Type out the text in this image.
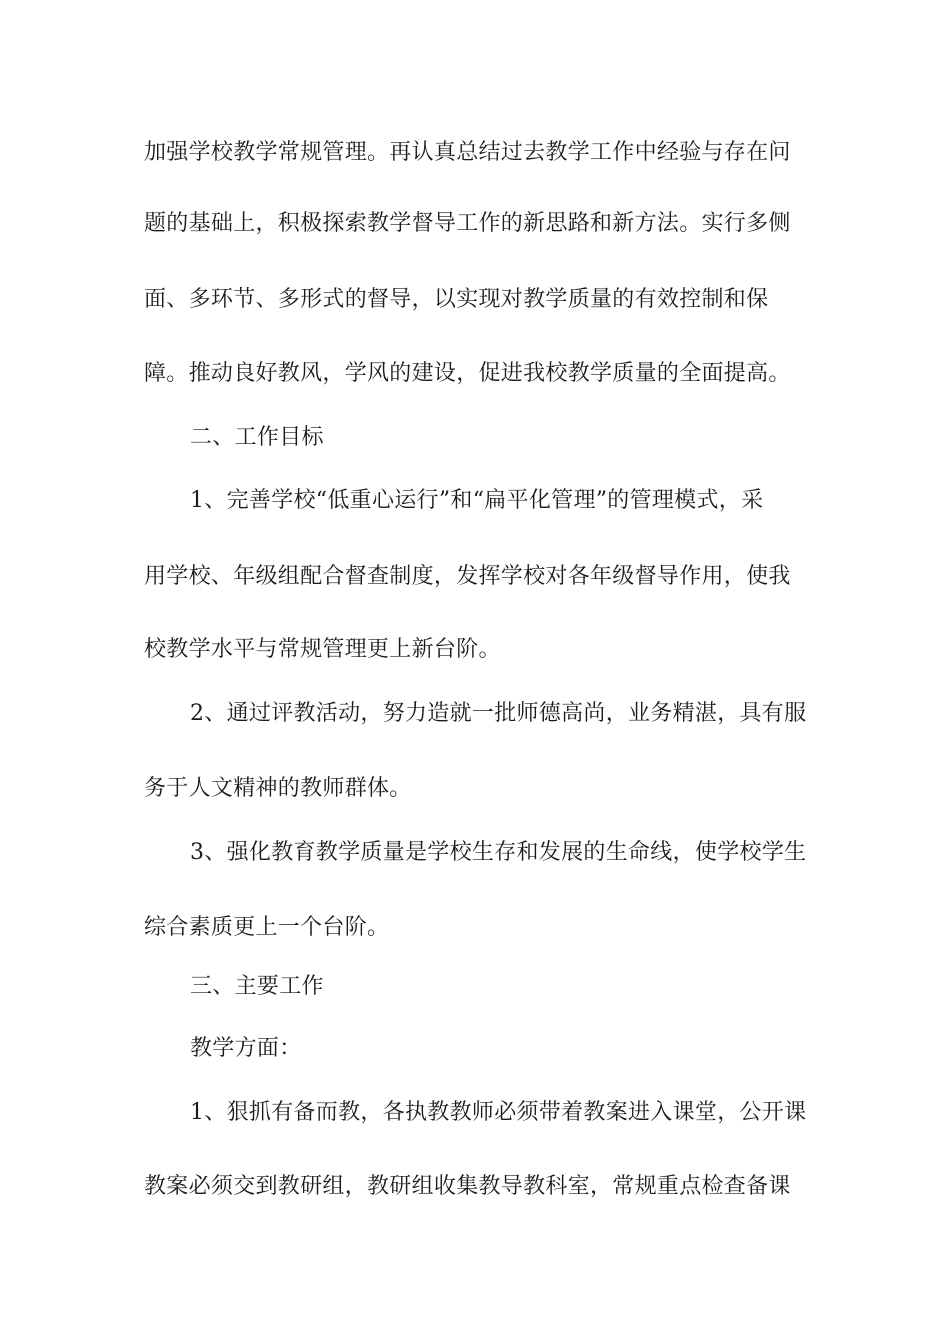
加强学校教学常规管理。再认真总结过去教学工作中经验与存在问
题的基础上，积极探索教学督导工作的新思路和新方法。实行多侧
面、多环节、多形式的督导，以实现对教学质量的有效控制和保
障。推动良好教风，学风的建设，促进我校教学质量的全面提高。
二、工作目标
1、完善学校“低重心运行”和“扁平化管理”的管理模式，采
用学校、年级组配合督查制度，发挥学校对各年级督导作用，使我
校教学水平与常规管理更上新台阶。
2、通过评教活动，努力造就一批师德高尚，业务精湛，具有服
务于人文精神的教师群体。
3、强化教育教学质量是学校生存和发展的生命线，使学校学生
综合素质更上一个台阶。
三、主要工作
教学方面：
1、狠抓有备而教，各执教教师必须带着教案进入课堂，公开课
教案必须交到教研组，教研组收集教导教科室，常规重点检查备课
